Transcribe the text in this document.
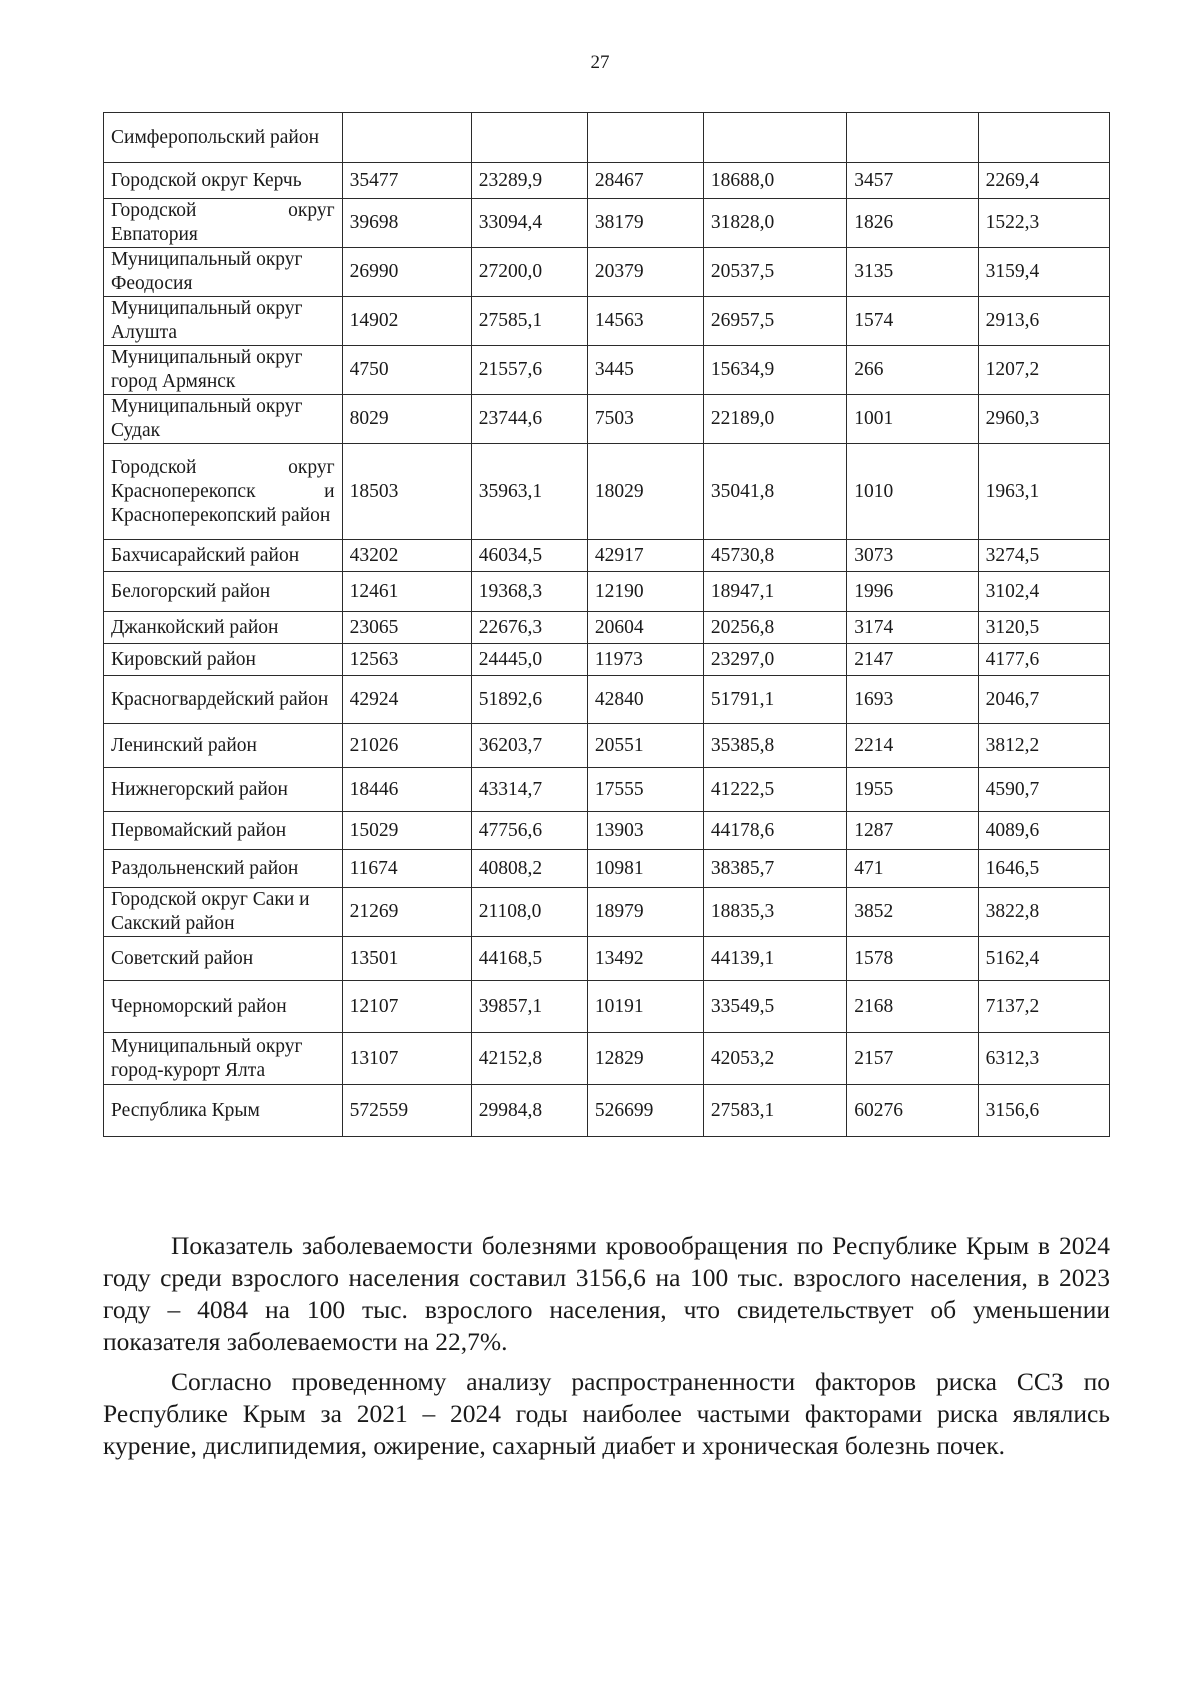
27
Симферопольский район						

Городской округ Керчь	35477	23289,9	28467	18688,0	3457	2269,4

Городской округ Евпатория	39698	33094,4	38179	31828,0	1826	1522,3

Муниципальный округ Феодосия	26990	27200,0	20379	20537,5	3135	3159,4

Муниципальный округ Алушта	14902	27585,1	14563	26957,5	1574	2913,6

Муниципальный округ город Армянск	4750	21557,6	3445	15634,9	266	1207,2

Муниципальный округ Судак	8029	23744,6	7503	22189,0	1001	2960,3

Городской округ Красноперекопск и Красноперекопский район	18503	35963,1	18029	35041,8	1010	1963,1

Бахчисарайский район	43202	46034,5	42917	45730,8	3073	3274,5

Белогорский район	12461	19368,3	12190	18947,1	1996	3102,4

Джанкойский район	23065	22676,3	20604	20256,8	3174	3120,5

Кировский район	12563	24445,0	11973	23297,0	2147	4177,6

Красногвардейский район	42924	51892,6	42840	51791,1	1693	2046,7

Ленинский район	21026	36203,7	20551	35385,8	2214	3812,2

Нижнегорский район	18446	43314,7	17555	41222,5	1955	4590,7

Первомайский район	15029	47756,6	13903	44178,6	1287	4089,6

Раздольненский район	11674	40808,2	10981	38385,7	471	1646,5

Городской округ Саки и Сакский район	21269	21108,0	18979	18835,3	3852	3822,8

Советский район	13501	44168,5	13492	44139,1	1578	5162,4

Черноморский район	12107	39857,1	10191	33549,5	2168	7137,2

Муниципальный округ город-курорт Ялта	13107	42152,8	12829	42053,2	2157	6312,3

Республика Крым	572559	29984,8	526699	27583,1	60276	3156,6

Показатель заболеваемости болезнями кровообращения по Республике Крым в 2024 году среди взрослого населения составил 3156,6 на 100 тыс. взрослого населения, в 2023 году – 4084 на 100 тыс. взрослого населения, что свидетельствует об уменьшении показателя заболеваемости на 22,7%.

Согласно проведенному анализу распространенности факторов риска ССЗ по Республике Крым за 2021 – 2024 годы наиболее частыми факторами риска являлись курение, дислипидемия, ожирение, сахарный диабет и хроническая болезнь почек.
